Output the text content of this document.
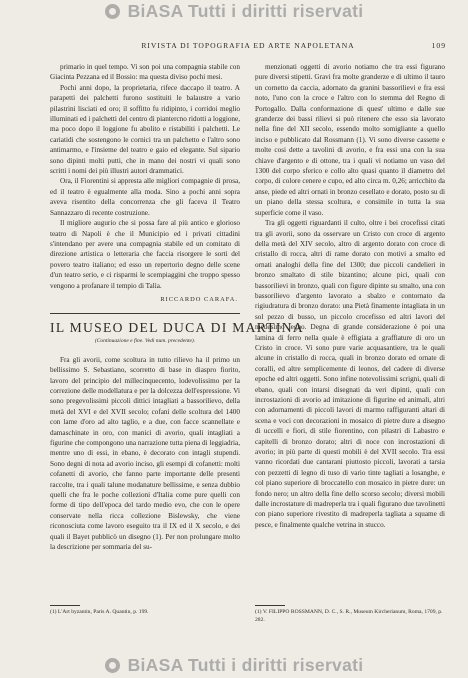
BiASA Tutti i diritti riservati
RIVISTA DI TOPOGRAFIA ED ARTE NAPOLETANA	109

primario in quel tempo. Vi son poi una compagnia stabile con Giacinta Pezzana ed il Bossio: ma questa diviso pochi mesi.

Pochi anni dopo, la proprietaria, rifece daccapo il teatro. A parapetti dei palchetti furono sostituiti le balaustre a vario pilastrini lisciati ed oro; il soffitto fu ridipinto, i corridoi meglio illuminati ed i palchetti del centro di piantercno ridotti a loggione, ma poco dopo il loggione fu abolito e ristabiliti i palchetti. Le cariatidi che sostengono le cornici tra un palchetto e l'altro sono antimarmo, e l'insieme del teatro e gaio ed elegante. Sul sipario sono dipinti molti putti, che in mano dei nostri vi quali sono scritti i nomi dei più illustri autori drammatici.

Ora, il Fiorentini si appresta alle migliori compagnie di prosa, ed il teatro è egualmente alla moda. Sino a pochi anni sopra aveva risentito della concorrenza che gli faceva il Teatro Sannazzaro di recente costruzione.

Il migliore augurio che si possa fare al più antico e glorioso teatro di Napoli è che il Municipio ed i privati cittadini s'intendano per avere una compagnia stabile ed un comitato di direzione artistica o letteraria che faccia risorgere le sorti del povero teatro italiano; ed esso un repertorio degno delle scene d'un teatro serio, e ci risparmi le scempiaggini che troppo spesso vengono a profanare il tempio di Talìa.

RICCARDO CARAFA.
IL MUSEO DEL DUCA DI MARTINA
(Continuazione e fine. Vedi num. precedente).

Fra gli avorii, come scoltura in tutto rilievo ha il primo un bellissimo S. Sebastiano, scorretto di base in diaspro fiorito, lavoro del principio del millecinquecento, lodevolissimo per la correzione delle modellatura e per la dolcezza dell'espressione. Vi sono pregevolissimi piccoli dittici intagliati a bassorilievo, della metà del XVI e del XVII secolo; cofani delle scoltura del 1400 con lame d'oro ad alto taglio, e a due, con facce scannellate e damaschinate in oro, con manici di avorio, quali intagliati a figurine che compongono una narrazione tutta piena di leggiadria, mentre uno di essi, in ebano, è decorato con intagli stupendi. Sono degni di nota ad avorio inciso, gli esempi di cofanetti: molti cofanetti di avorio, che fanno parte importante delle presenti raccolte, tra i quali talune modanature bellissime, e senza dubbio quelli che fra le poche collezioni d'Italia come pure quelli con forme di tipo dell'epoca del tardo medio evo, che con le opere conservate nella ricca collezione Bislewsky, che viene riconosciuta come lavoro eseguito tra il IX ed il X secolo, e dei quali il Bayet pubblicò un disegno (1). Per non prolungare molto la descrizione per sommaria del su-

(1) L'Art byzantin, Paris A. Quantin, p. 199.

menzionati oggetti di avorio notiamo che tra essi figurano pure diversi stipetti. Gravi fra molte granderze e di ultimo il tauro un cornetto da caccia, adornato da granini bassorilievi e fra essi noto, l'uno con la croce e l'altro con lo stemma del Regno di Portogallo. Dalla conformazione di quest' ultimo e dalle sue granderze dei bassi rilievi si può ritenere che esso sia lavorato nella fine del XII secolo, essendo molto somigliante a quello inciso e pubblicato dal Rossmann (1). Vi sono diverse cassette e molte cosi dette a tavolini di avorio, e fra essi una con la sua chiave d'argento e di ottone, tra i quali vi notiamo un vaso del 1300 del corpo sferico e collo alto quasi quanto il diametro del corpo, di colore cenere e cupo, ed alto circa m. 0,26; arricchito da anse, piede ed altri ornati in bronzo cesellato e dorato, posto su di un piano della stessa scoltura, e consimile in tutta la sua superficie come il vaso.

Tra gli oggetti riguardanti il culto, oltre i bei crocefissi citati tra gli avorii, sono da osservare un Cristo con croce di argento della metà del XIV secolo, altro di argento dorato con croce di cristallo di rocca, altri di rame dorato con motivi a smalto ed ornati analoghi della fine del 1300; due piccoli candelieri in bronzo smaltato di stile bizantino; alcune pici, quali con bassorilievi in bronzo, quali con figure dipinte su smalto, una con bassorilievo d'argento lavorato a sbalzo e contornato da rigiudratura di bronzo dorato: una Pietà finamente intagliata in un sol pezzo di busso, un piccolo crocefisso ed altri lavori del medesimo legno. Degna di grande considerazione è poi una lamina di ferro nella quale è effigiata a graffiature di oro un Cristo in croce. Vi sono pure varie acquasantiere, tra le quali alcune in cristallo di rocca, quali in bronzo dorato ed ornate di coralli, ed altre semplicemente di leonos, del cadere di diverse epoche ed altri oggetti. Sono infine notevolissimi scrigni, quali di ebano, quali con intarsi disegnati da veri dipinti, quali con incrostazioni di avorio ad imitazione di figurine ed animali, altri con adornamenti di piccoli lavori di marmo raffiguranti altari di scena e voci con decorazioni in mosaico di pietre dure a disegno di uccelli e fiori, di stile fiorentino, con pilastri di Labastro e capitelli di bronzo dorato; altri di noce con incrostazioni di avorio; in più parte di questi mobili è del XVII secolo. Tra essi vanno ricordati due cantarani piuttosto piccoli, lavorati a tarsia con pezzetti di legno di tuso di vario tinte tagliati a losanghe, e col piano superiore di broccatello con mosaico in pietre dure: un fondo nero; un altro della fine dello scorso secolo; diversi mobili dalle incrostature di madreperla tra i quali figurano due tavolinetti con piano superiore rivestito di madreperla tagliata a squame di pesce, e finalmente qualche vetrina in stucco.

(1) V. FILIPPO ROSSMANN, D. C., S. R., Museum Kircherianum, Roma, 1709, p. 282.
BiASA Tutti i diritti riservati
